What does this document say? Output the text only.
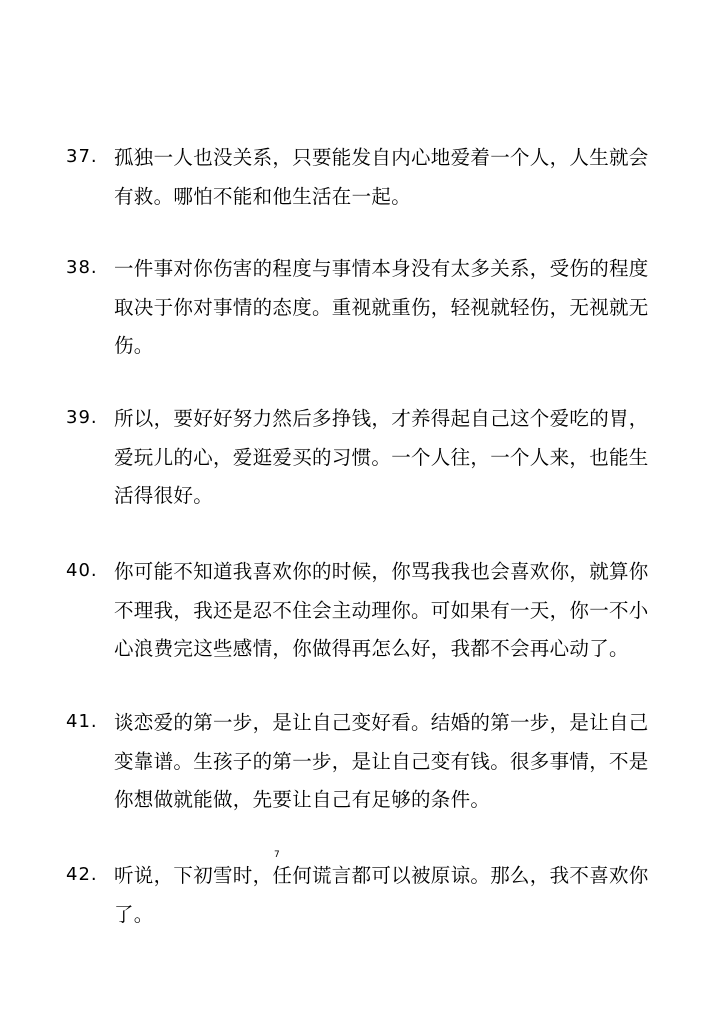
37. 孤独一人也没关系，只要能发自内心地爱着一个人，人生就会有救。哪怕不能和他生活在一起。
38. 一件事对你伤害的程度与事情本身没有太多关系，受伤的程度取决于你对事情的态度。重视就重伤，轻视就轻伤，无视就无伤。
39. 所以，要好好努力然后多挣钱，才养得起自己这个爱吃的胃，爱玩儿的心，爱逛爱买的习惯。一个人往，一个人来，也能生活得很好。
40. 你可能不知道我喜欢你的时候，你骂我我也会喜欢你，就算你不理我，我还是忍不住会主动理你。可如果有一天，你一不小心浪费完这些感情，你做得再怎么好，我都不会再心动了。
41. 谈恋爱的第一步，是让自己变好看。结婚的第一步，是让自己变靠谱。生孩子的第一步，是让自己变有钱。很多事情，不是你想做就能做，先要让自己有足够的条件。
42. 听说，下初雪时，任何谎言都可以被原谅。那么，我不喜欢你了。
7
